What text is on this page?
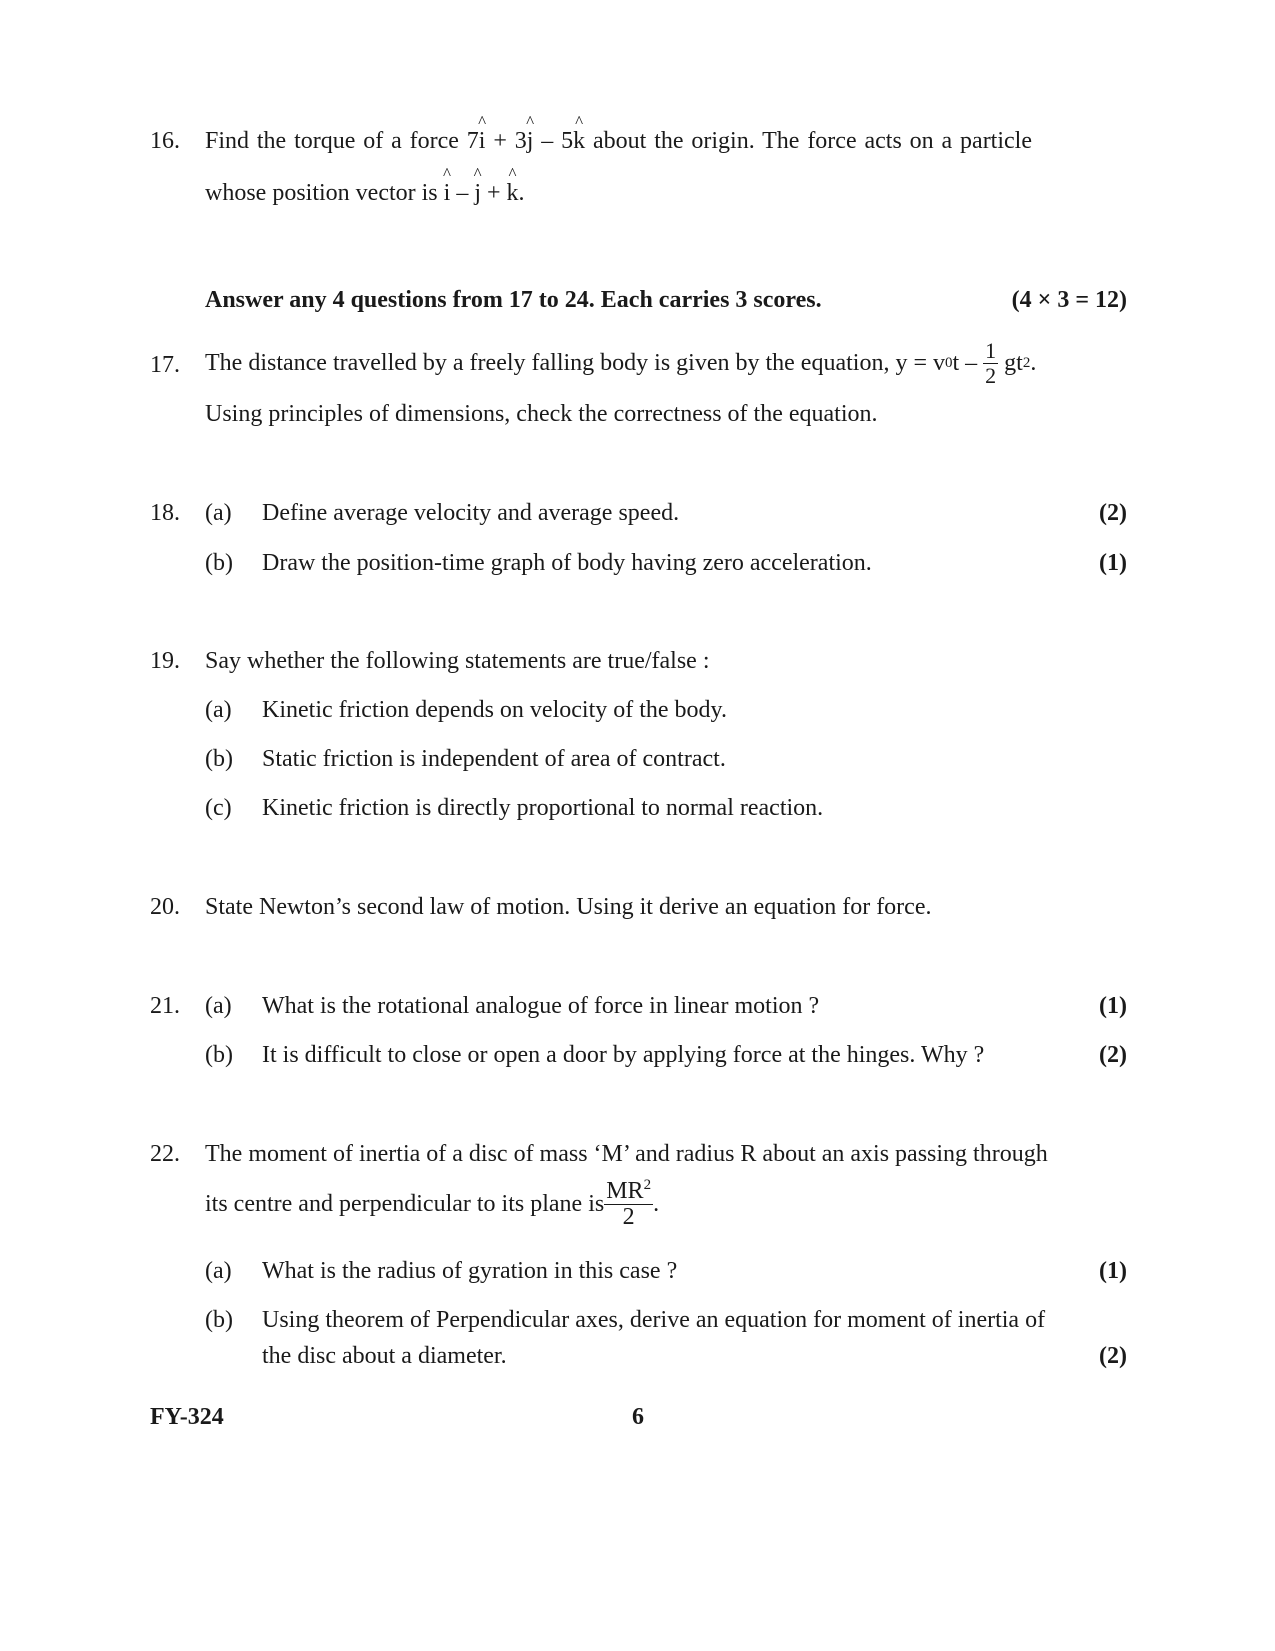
16. Find the torque of a force 7^ i + 3^ j – 5^ k about the origin. The force acts on a particle
whose position vector is ^ i – ^ j + ^ k.
Answer any 4 questions from 17 to 24. Each carries 3 scores.	(4 × 3 = 12)
17. The distance travelled by a freely falling body is given by the equation, y = v 0 t –
$\frac{1}{2}$
gt 2 .
Using principles of dimensions, check the correctness of the equation.
18. (a) Define average velocity and average speed.	(2)
(b) Draw the position-time graph of body having zero acceleration.	(1)
19. Say whether the following statements are true/false :
(a) Kinetic friction depends on velocity of the body.
(b) Static friction is independent of area of contract.
(c) Kinetic friction is directly proportional to normal reaction.
20. State Newton’s second law of motion. Using it derive an equation for force.
21. (a) What is the rotational analogue of force in linear motion ?	(1)
(b) It is difficult to close or open a door by applying force at the hinges. Why ?	(2)
22. The moment of inertia of a disc of mass ‘M’ and radius R about an axis passing through
its centre and perpendicular to its plane is $\frac{MR^2}{2}$ .
(a) What is the radius of gyration in this case ?	(1)
(b) Using theorem of Perpendicular axes, derive an equation for moment of inertia of
the disc about a diameter.	(2)
FY-324	6
